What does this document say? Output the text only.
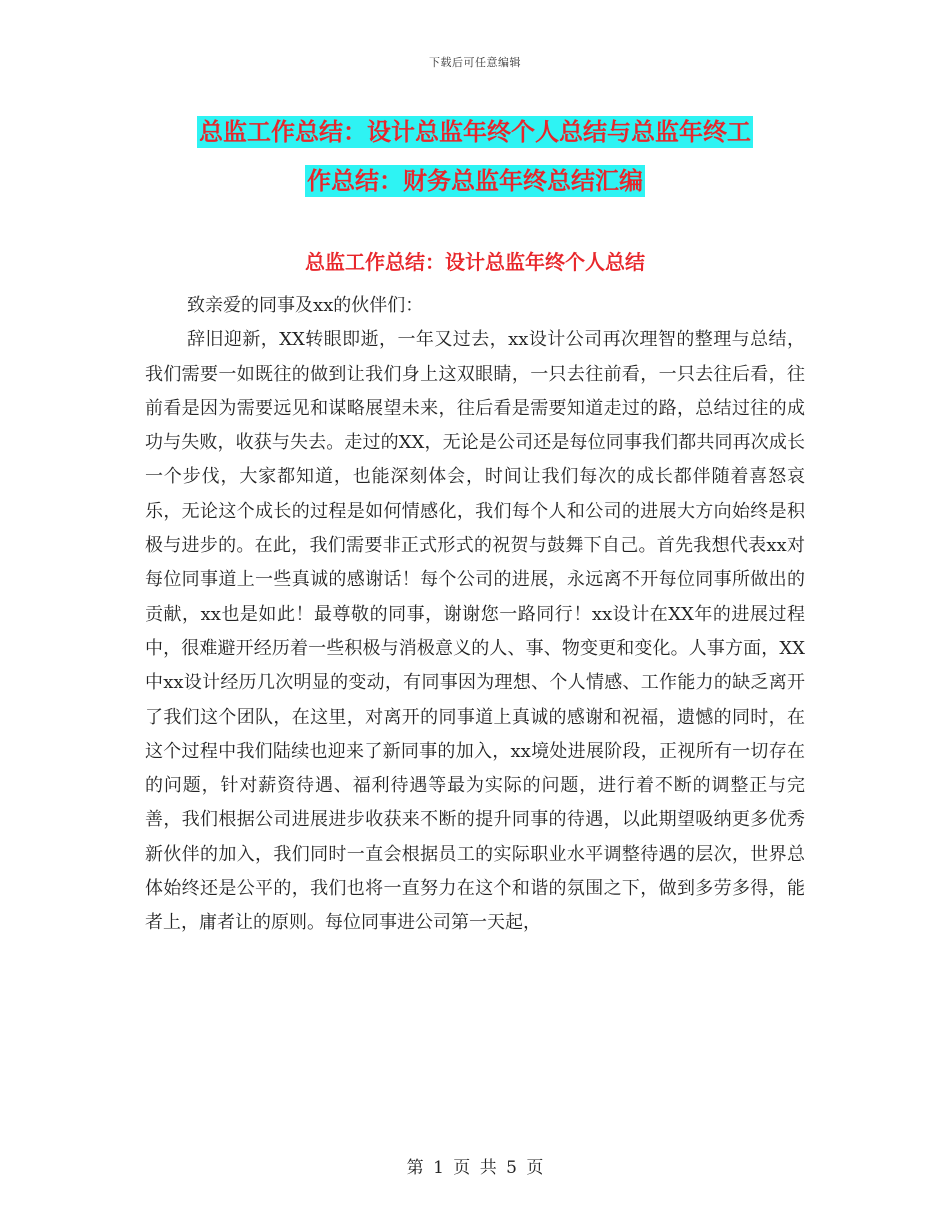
下载后可任意编辑
总监工作总结：设计总监年终个人总结与总监年终工
作总结：财务总监年终总结汇编
总监工作总结：设计总监年终个人总结

致亲爱的同事及xx的伙伴们：

辞旧迎新，XX转眼即逝，一年又过去，xx设计公司再次理智的整理与总结，我们需要一如既往的做到让我们身上这双眼睛，一只去往前看，一只去往后看，往前看是因为需要远见和谋略展望未来，往后看是需要知道走过的路，总结过往的成功与失败，收获与失去。走过的XX，无论是公司还是每位同事我们都共同再次成长一个步伐，大家都知道，也能深刻体会，时间让我们每次的成长都伴随着喜怒哀乐，无论这个成长的过程是如何情感化，我们每个人和公司的进展大方向始终是积极与进步的。在此，我们需要非正式形式的祝贺与鼓舞下自己。首先我想代表xx对每位同事道上一些真诚的感谢话！每个公司的进展，永远离不开每位同事所做出的贡献，xx也是如此！最尊敬的同事，谢谢您一路同行！xx设计在XX年的进展过程中，很难避开经历着一些积极与消极意义的人、事、物变更和变化。人事方面，XX中xx设计经历几次明显的变动，有同事因为理想、个人情感、工作能力的缺乏离开了我们这个团队，在这里，对离开的同事道上真诚的感谢和祝福，遗憾的同时，在这个过程中我们陆续也迎来了新同事的加入，xx境处进展阶段，正视所有一切存在的问题，针对薪资待遇、福利待遇等最为实际的问题，进行着不断的调整正与完善，我们根据公司进展进步收获来不断的提升同事的待遇，以此期望吸纳更多优秀新伙伴的加入，我们同时一直会根据员工的实际职业水平调整待遇的层次，世界总体始终还是公平的，我们也将一直努力在这个和谐的氛围之下，做到多劳多得，能者上，庸者让的原则。每位同事进公司第一天起，

第 1 页 共 5 页
